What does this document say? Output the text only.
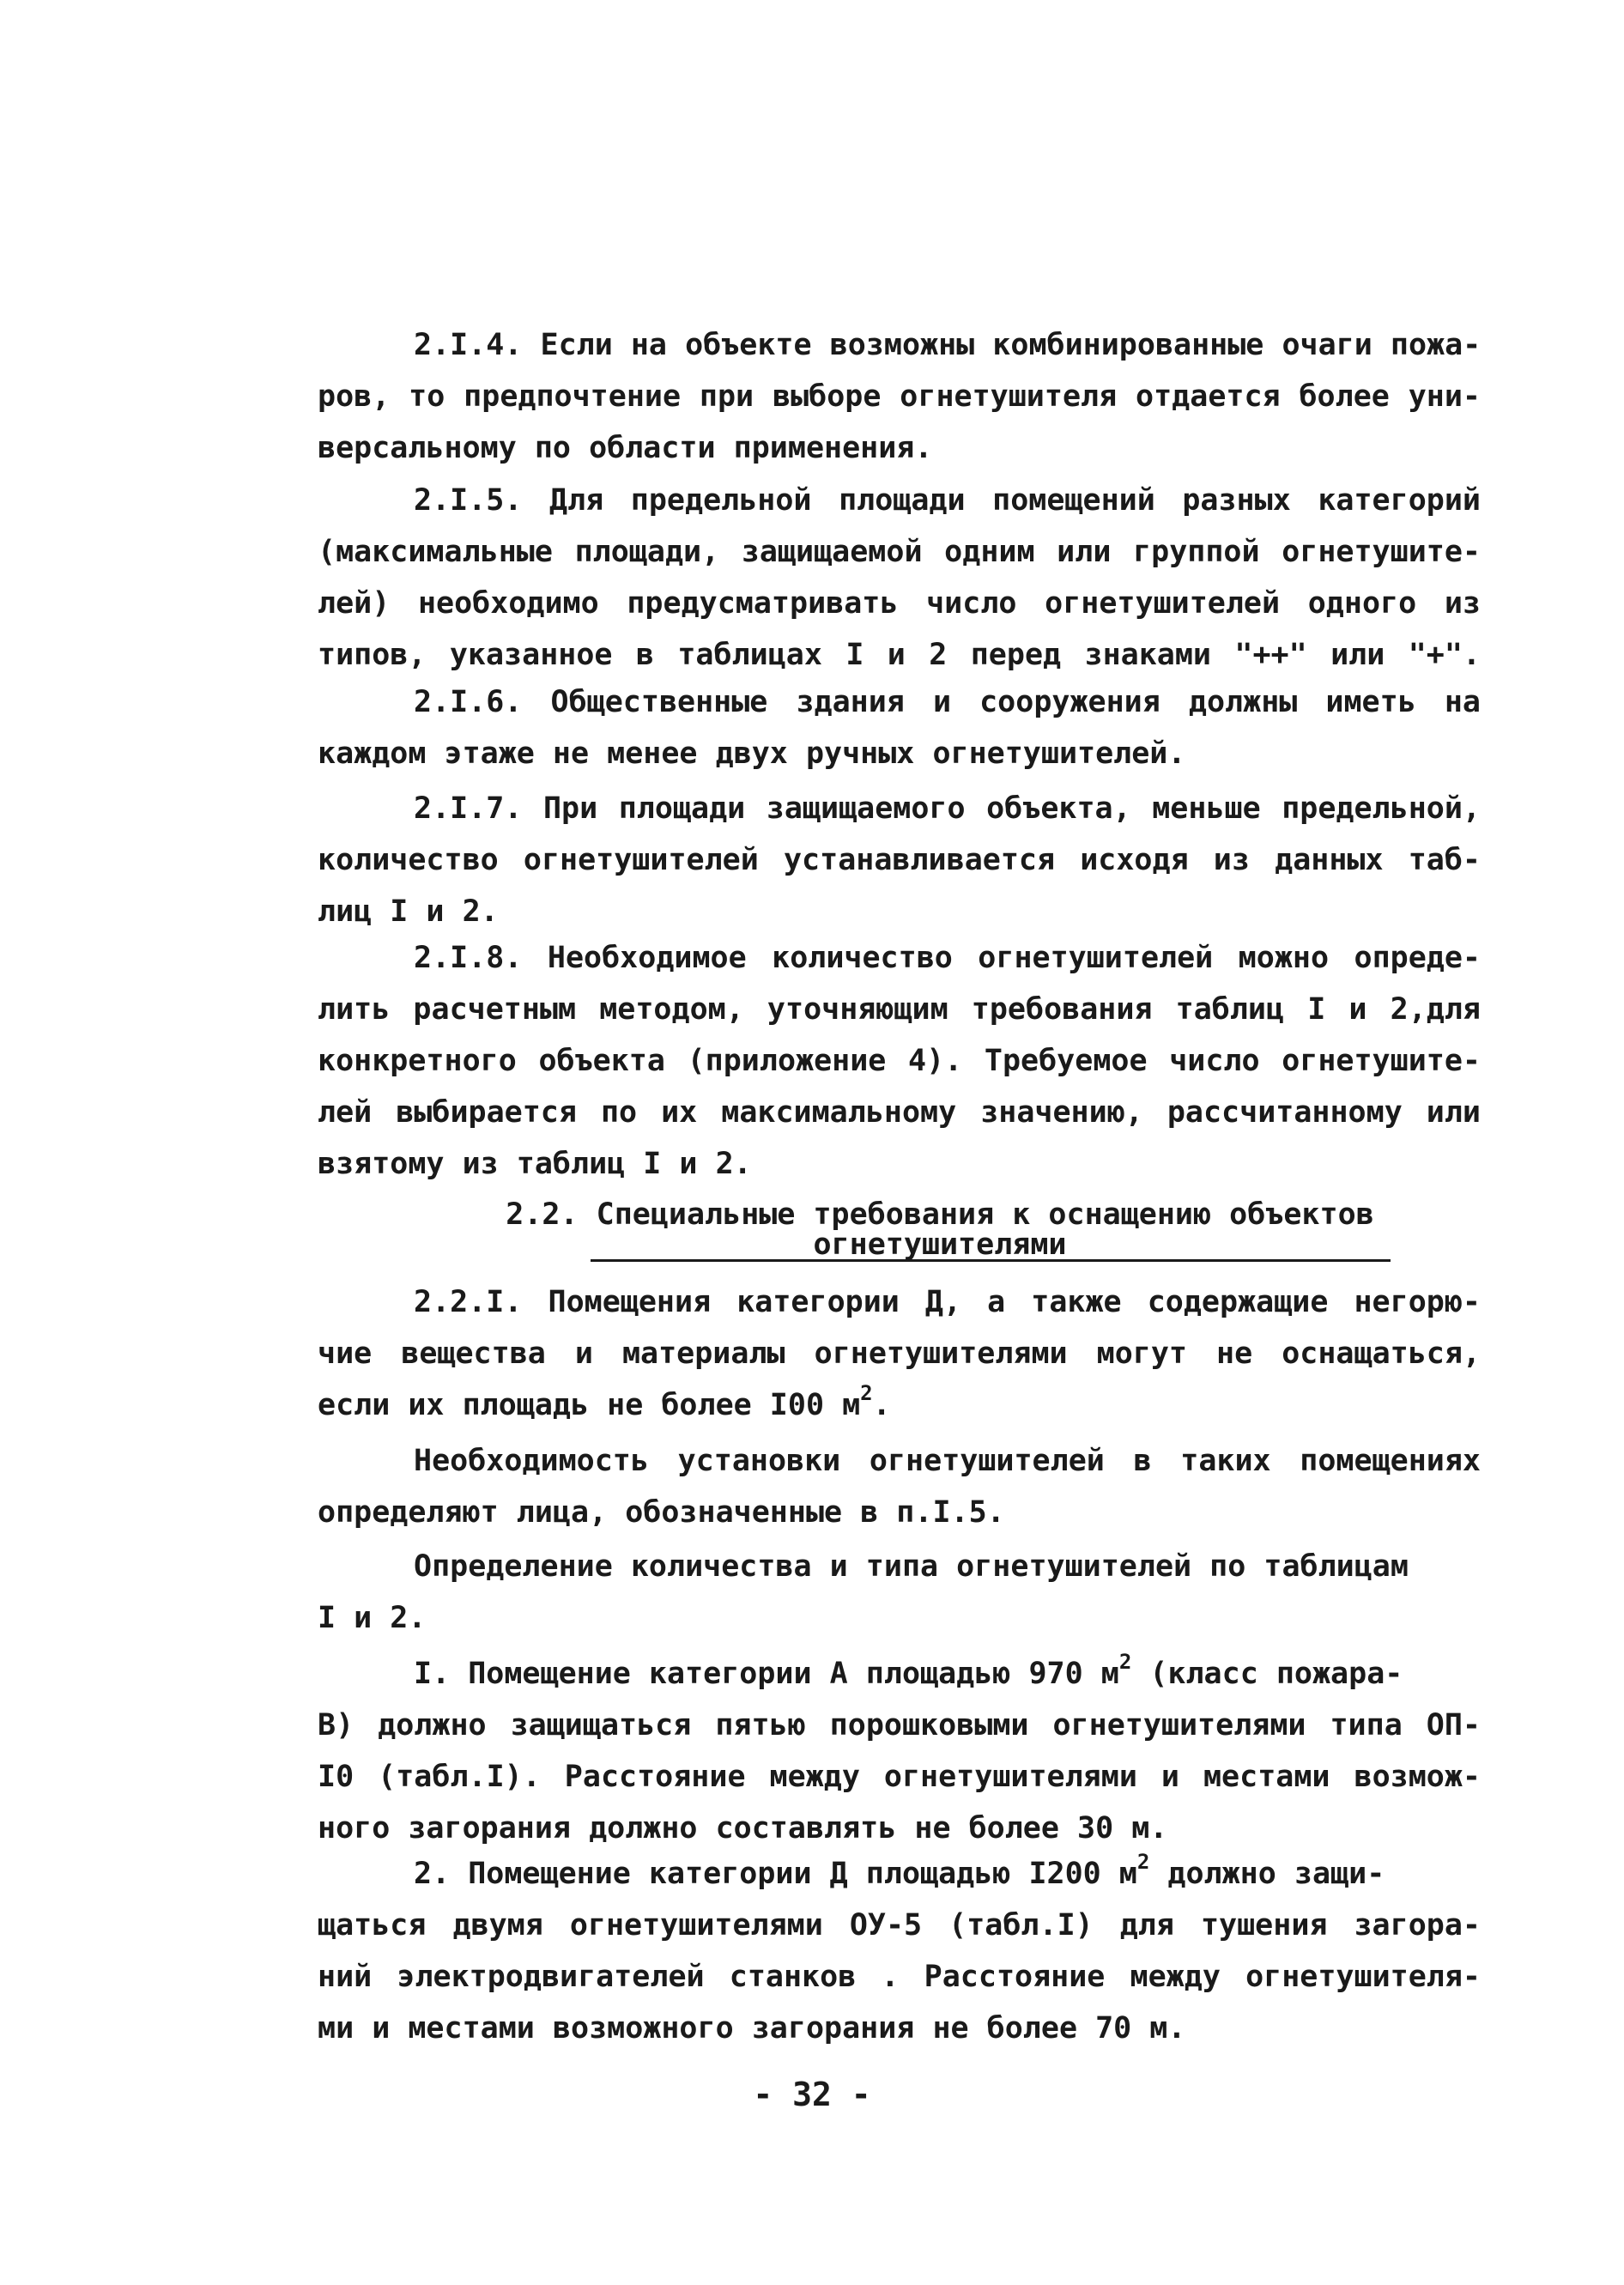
2.I.4. Если на объекте возможны комбинированные очаги пожа-
ров, то предпочтение при выборе огнетушителя отдается более уни-
версальному по области применения.
2.I.5. Для предельной площади помещений разных категорий
(максимальные площади, защищаемой одним или группой огнетушите-
лей) необходимо предусматривать число огнетушителей одного из
типов, указанное в таблицах I и 2 перед знаками "++" или "+".
2.I.6. Общественные здания и сооружения должны иметь на
каждом этаже не менее двух ручных огнетушителей.
2.I.7. При площади защищаемого объекта, меньше предельной,
количество огнетушителей устанавливается исходя из данных таб-
лиц I и 2.
2.I.8. Необходимое количество огнетушителей можно опреде-
лить расчетным методом, уточняющим требования таблиц I и 2,для
конкретного объекта (приложение 4). Требуемое число огнетушите-
лей выбирается по их максимальному значению, рассчитанному или
взятому из таблиц I и 2.
2.2. Специальные требования к оснащению объектов
огнетушителями
2.2.I. Помещения категории Д, а также содержащие негорю-
чие вещества и материалы огнетушителями могут не оснащаться,
если их площадь не более I00 $м^2$.
Необходимость установки огнетушителей в таких помещениях
определяют лица, обозначенные в п.I.5.
Определение количества и типа огнетушителей по таблицам
I и 2.
I. Помещение категории А площадью 970 $м^2$ (класс пожара-
В) должно защищаться пятью порошковыми огнетушителями типа ОП-
I0 (табл.I). Расстояние между огнетушителями и местами возмож-
ного загорания должно составлять не более 30 м.
2. Помещение категории Д площадью I200 $м^2$ должно защи-
щаться двумя огнетушителями ОУ-5 (табл.I) для тушения загора-
ний электродвигателей станков . Расстояние между огнетушителя-
ми и местами возможного загорания не более 70 м.
- 32 -
